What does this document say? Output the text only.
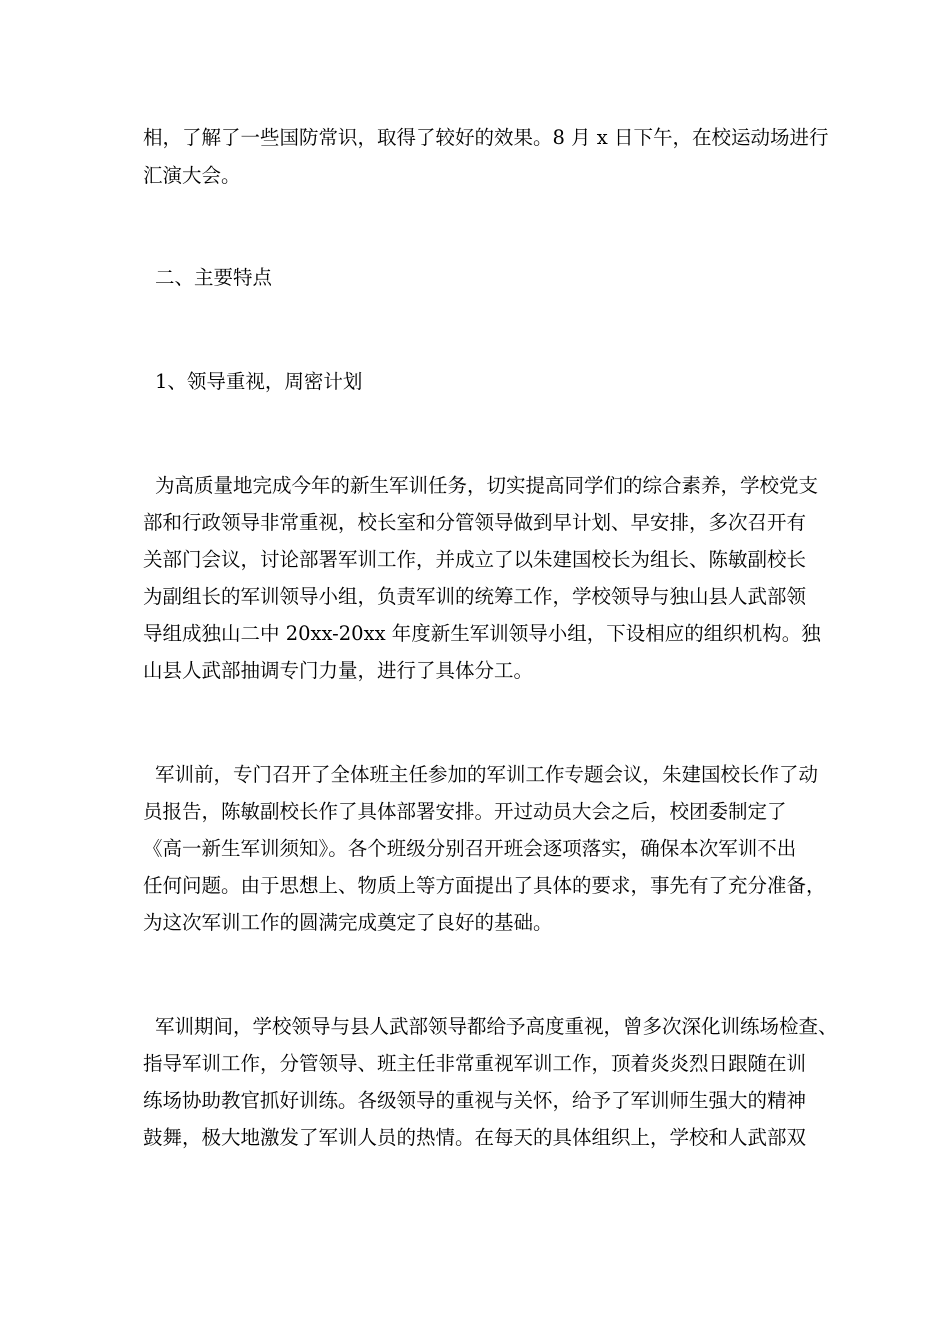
相，了解了一些国防常识，取得了较好的效果。8 月 x 日下午，在校运动场进行
汇演大会。
二、主要特点
1、领导重视，周密计划
为高质量地完成今年的新生军训任务，切实提高同学们的综合素养，学校党支
部和行政领导非常重视，校长室和分管领导做到早计划、早安排，多次召开有
关部门会议，讨论部署军训工作，并成立了以朱建国校长为组长、陈敏副校长
为副组长的军训领导小组，负责军训的统筹工作，学校领导与独山县人武部领
导组成独山二中 20xx-20xx 年度新生军训领导小组，下设相应的组织机构。独
山县人武部抽调专门力量，进行了具体分工。
军训前，专门召开了全体班主任参加的军训工作专题会议，朱建国校长作了动
员报告，陈敏副校长作了具体部署安排。开过动员大会之后，校团委制定了
《高一新生军训须知》。各个班级分别召开班会逐项落实，确保本次军训不出
任何问题。由于思想上、物质上等方面提出了具体的要求，事先有了充分准备，
为这次军训工作的圆满完成奠定了良好的基础。
军训期间，学校领导与县人武部领导都给予高度重视，曾多次深化训练场检查、
指导军训工作，分管领导、班主任非常重视军训工作，顶着炎炎烈日跟随在训
练场协助教官抓好训练。各级领导的重视与关怀，给予了军训师生强大的精神
鼓舞，极大地激发了军训人员的热情。在每天的具体组织上，学校和人武部双
